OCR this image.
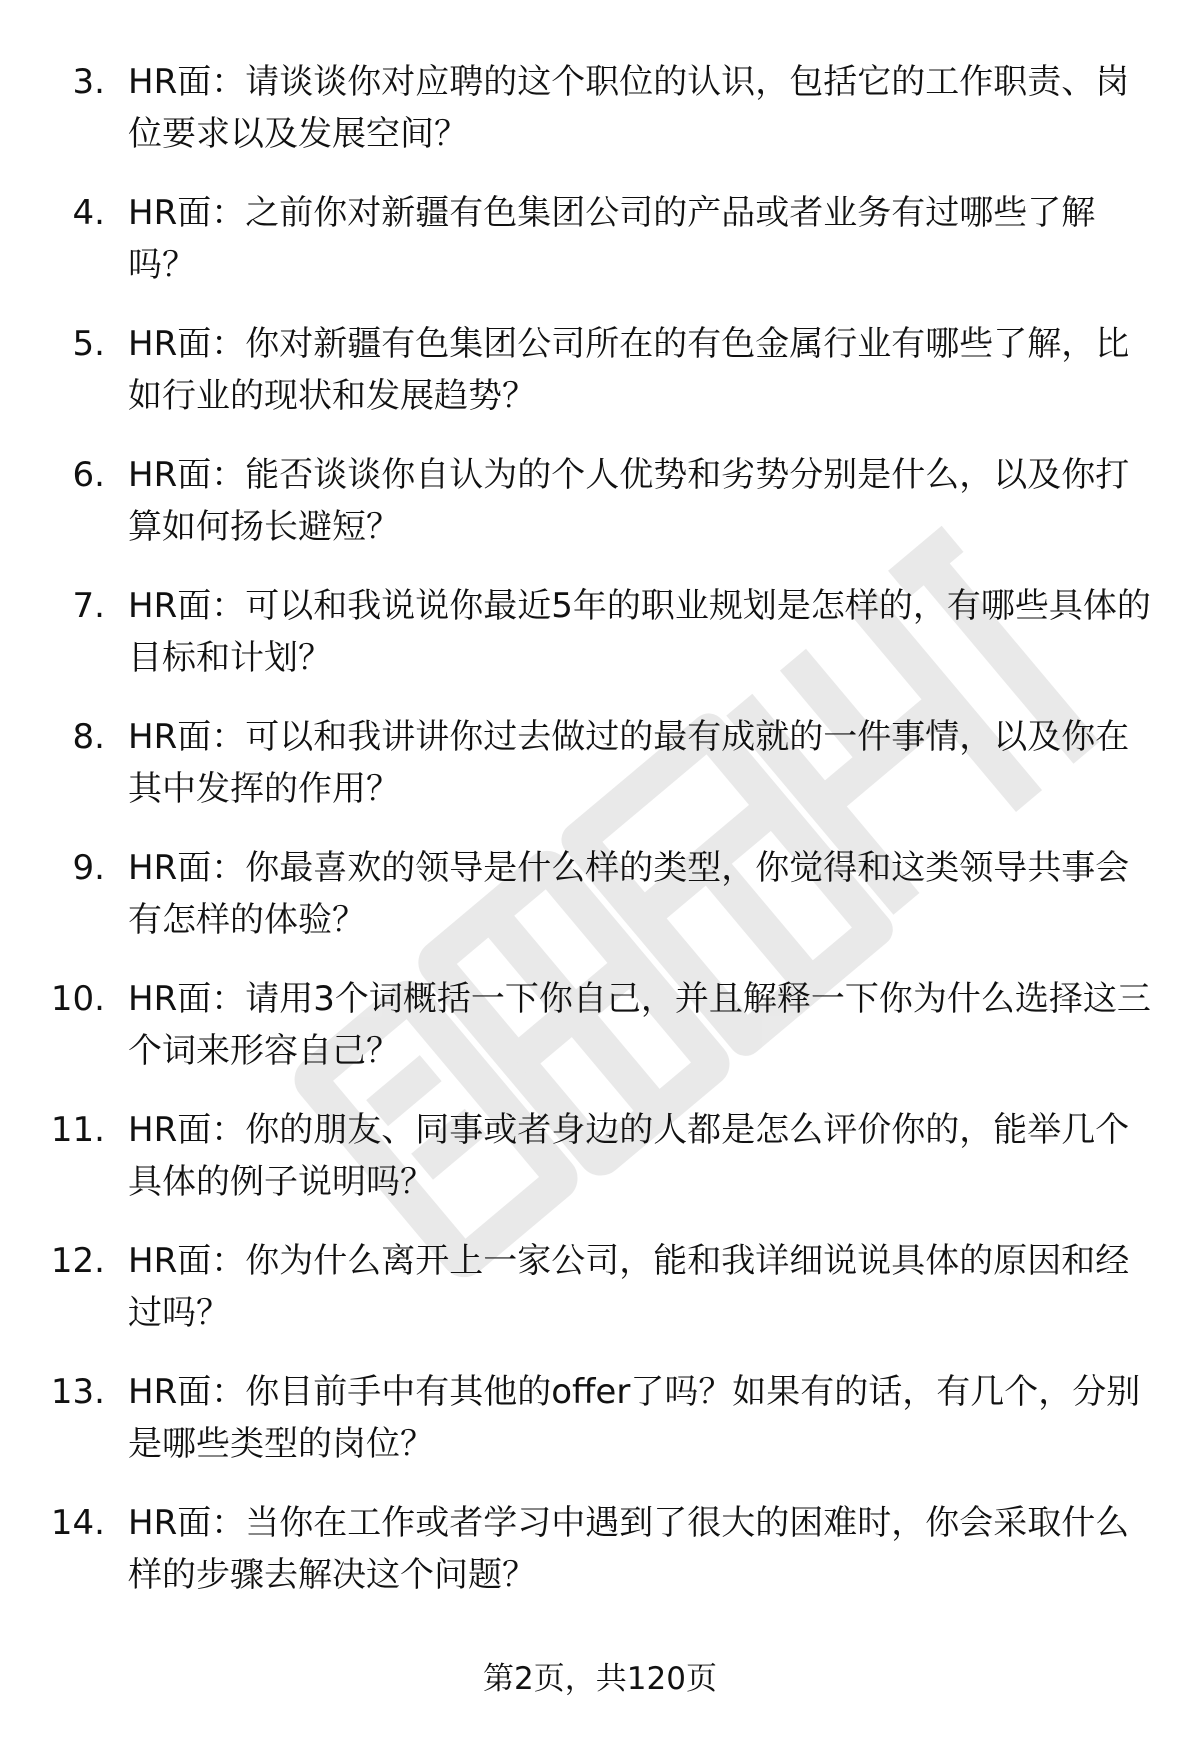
3. HR面：请谈谈你对应聘的这个职位的认识，包括它的工作职责、岗位要求以及发展空间？
4. HR面：之前你对新疆有色集团公司的产品或者业务有过哪些了解吗？
5. HR面：你对新疆有色集团公司所在的有色金属行业有哪些了解，比如行业的现状和发展趋势？
6. HR面：能否谈谈你自认为的个人优势和劣势分别是什么，以及你打算如何扬长避短？
7. HR面：可以和我说说你最近5年的职业规划是怎样的，有哪些具体的目标和计划？
8. HR面：可以和我讲讲你过去做过的最有成就的一件事情，以及你在其中发挥的作用？
9. HR面：你最喜欢的领导是什么样的类型，你觉得和这类领导共事会有怎样的体验？
10. HR面：请用3个词概括一下你自己，并且解释一下你为什么选择这三个词来形容自己？
11. HR面：你的朋友、同事或者身边的人都是怎么评价你的，能举几个具体的例子说明吗？
12. HR面：你为什么离开上一家公司，能和我详细说说具体的原因和经过吗？
13. HR面：你目前手中有其他的offer了吗？如果有的话，有几个，分别是哪些类型的岗位？
14. HR面：当你在工作或者学习中遇到了很大的困难时，你会采取什么样的步骤去解决这个问题？
第2页，共120页
